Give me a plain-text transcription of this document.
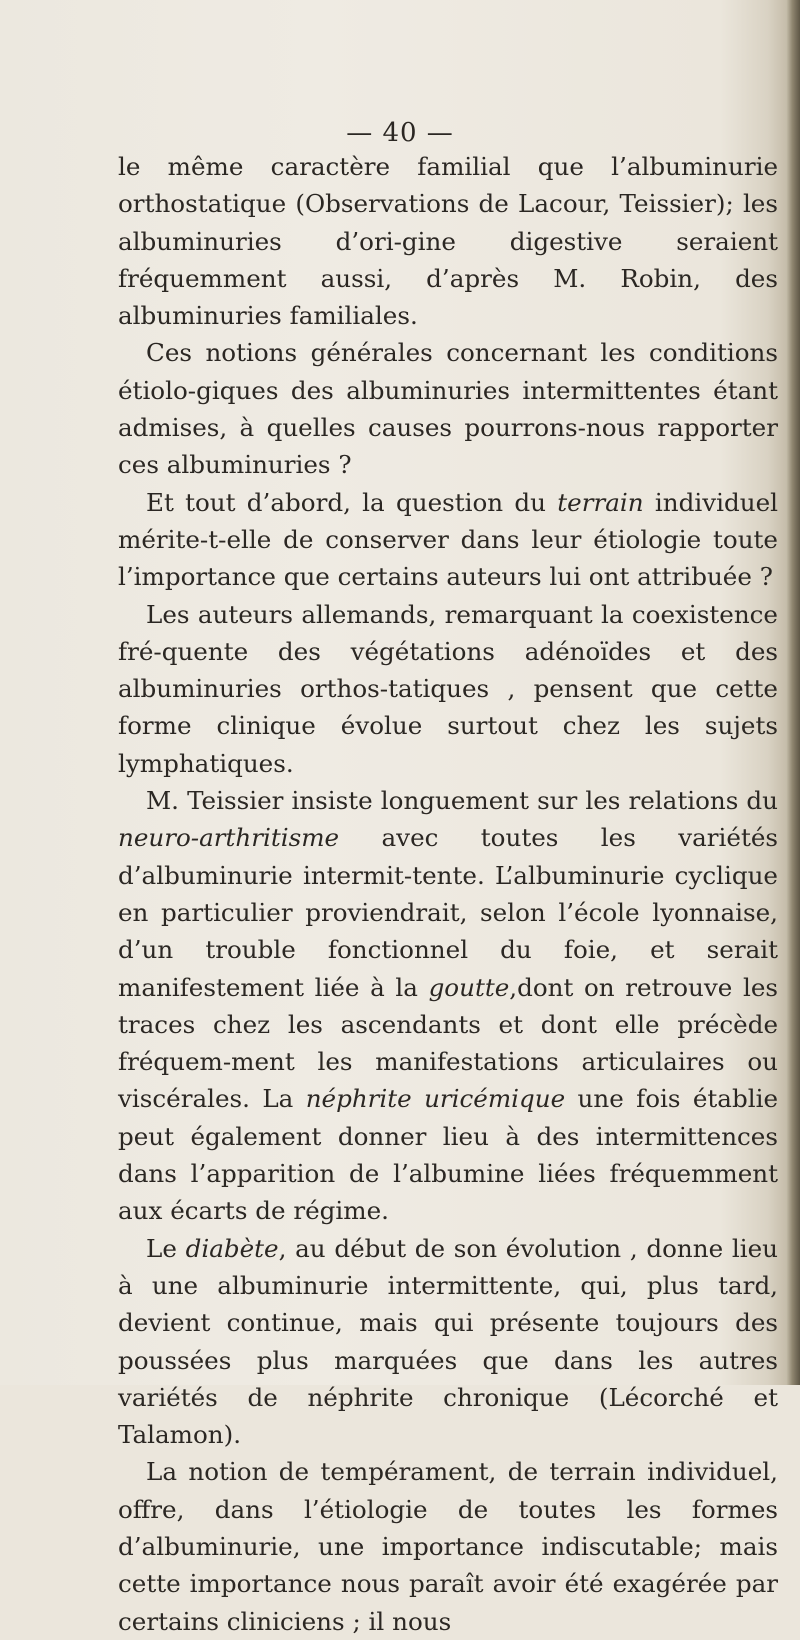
— 40 —

le même caractère familial que l’albuminurie orthostatique (Observations de Lacour, Teissier); les albuminuries d’ori-gine digestive seraient fréquemment aussi, d’après M. Robin, des albuminuries familiales.

Ces notions générales concernant les conditions étiolo-giques des albuminuries intermittentes étant admises, à quelles causes pourrons-nous rapporter ces albuminuries ?

Et tout d’abord, la question du terrain individuel mérite-t-elle de conserver dans leur étiologie toute l’importance que certains auteurs lui ont attribuée ?

Les auteurs allemands, remarquant la coexistence fré-quente des végétations adénoïdes et des albuminuries orthos-tatiques , pensent que cette forme clinique évolue surtout chez les sujets lymphatiques.

M. Teissier insiste longuement sur les relations du neuro-arthritisme avec toutes les variétés d’albuminurie intermit-tente. L’albuminurie cyclique en particulier proviendrait, selon l’école lyonnaise, d’un trouble fonctionnel du foie, et serait manifestement liée à la goutte,dont on retrouve les traces chez les ascendants et dont elle précède fréquem-ment les manifestations articulaires ou viscérales. La néphrite uricémique une fois établie peut également donner lieu à des intermittences dans l’apparition de l’albumine liées fréquemment aux écarts de régime.

Le diabète, au début de son évolution , donne lieu à une albuminurie intermittente, qui, plus tard, devient continue, mais qui présente toujours des poussées plus marquées que dans les autres variétés de néphrite chronique (Lécorché et Talamon).

La notion de tempérament, de terrain individuel, offre, dans l’étiologie de toutes les formes d’albuminurie, une importance indiscutable; mais cette importance nous paraît avoir été exagérée par certains cliniciens ; il nous
